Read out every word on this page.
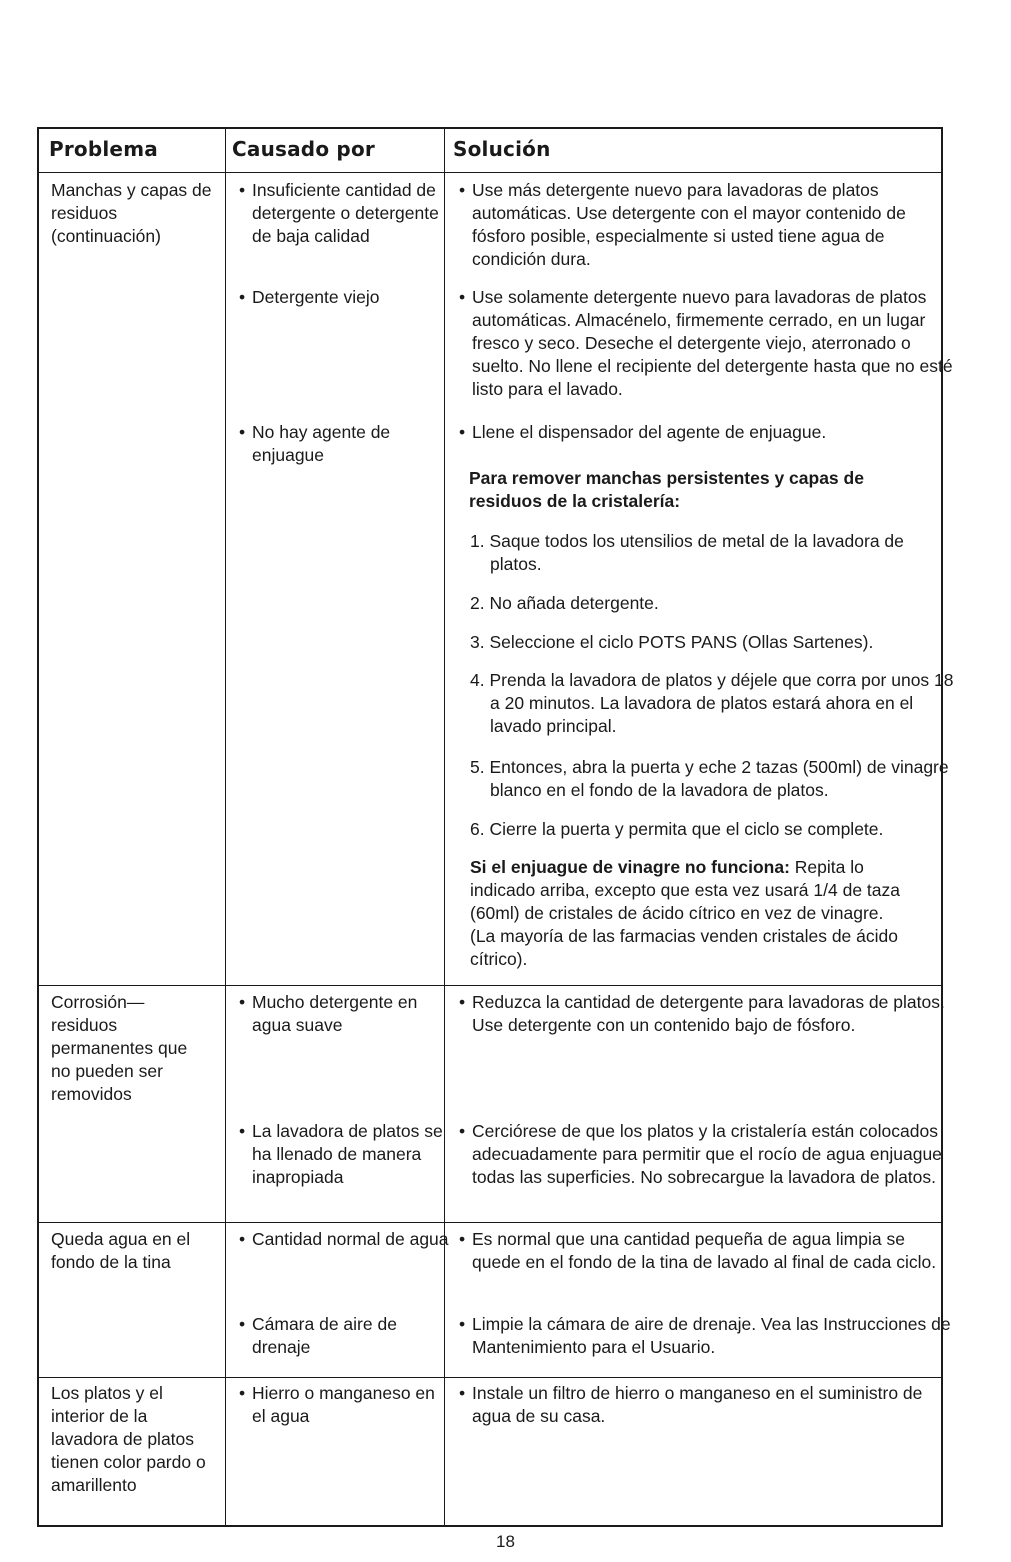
Problema	Causado por	Solución
Manchas y capas de residuos (continuación)
• Insuficiente cantidad de detergente o detergente de baja calidad
• Detergente viejo
• No hay agente de enjuague
• Use más detergente nuevo para lavadoras de platos automáticas. Use detergente con el mayor contenido de fósforo posible, especialmente si usted tiene agua de condición dura.
• Use solamente detergente nuevo para lavadoras de platos automáticas. Almacénelo, firmemente cerrado, en un lugar fresco y seco. Deseche el detergente viejo, aterronado o suelto. No llene el recipiente del detergente hasta que no esté listo para el lavado.
• Llene el dispensador del agente de enjuague.
Para remover manchas persistentes y capas de residuos de la cristalería:
1. Saque todos los utensilios de metal de la lavadora de platos.
2. No añada detergente.
3. Seleccione el ciclo POTS PANS (Ollas Sartenes).
4. Prenda la lavadora de platos y déjele que corra por unos 18 a 20 minutos. La lavadora de platos estará ahora en el lavado principal.
5. Entonces, abra la puerta y eche 2 tazas (500ml) de vinagre blanco en el fondo de la lavadora de platos.
6. Cierre la puerta y permita que el ciclo se complete.
Si el enjuague de vinagre no funciona: Repita lo indicado arriba, excepto que esta vez usará 1/4 de taza (60ml) de cristales de ácido cítrico en vez de vinagre. (La mayoría de las farmacias venden cristales de ácido cítrico).
Corrosión— residuos permanentes que no pueden ser removidos
• Mucho detergente en agua suave
• La lavadora de platos se ha llenado de manera inapropiada
• Reduzca la cantidad de detergente para lavadoras de platos. Use detergente con un contenido bajo de fósforo.
• Cerciórese de que los platos y la cristalería están colocados adecuadamente para permitir que el rocío de agua enjuague todas las superficies. No sobrecargue la lavadora de platos.
Queda agua en el fondo de la tina
• Cantidad normal de agua
• Cámara de aire de drenaje
• Es normal que una cantidad pequeña de agua limpia se quede en el fondo de la tina de lavado al final de cada ciclo.
• Limpie la cámara de aire de drenaje. Vea las Instrucciones de Mantenimiento para el Usuario.
Los platos y el interior de la lavadora de platos tienen color pardo o amarillento
• Hierro o manganeso en el agua
• Instale un filtro de hierro o manganeso en el suministro de agua de su casa.
18
